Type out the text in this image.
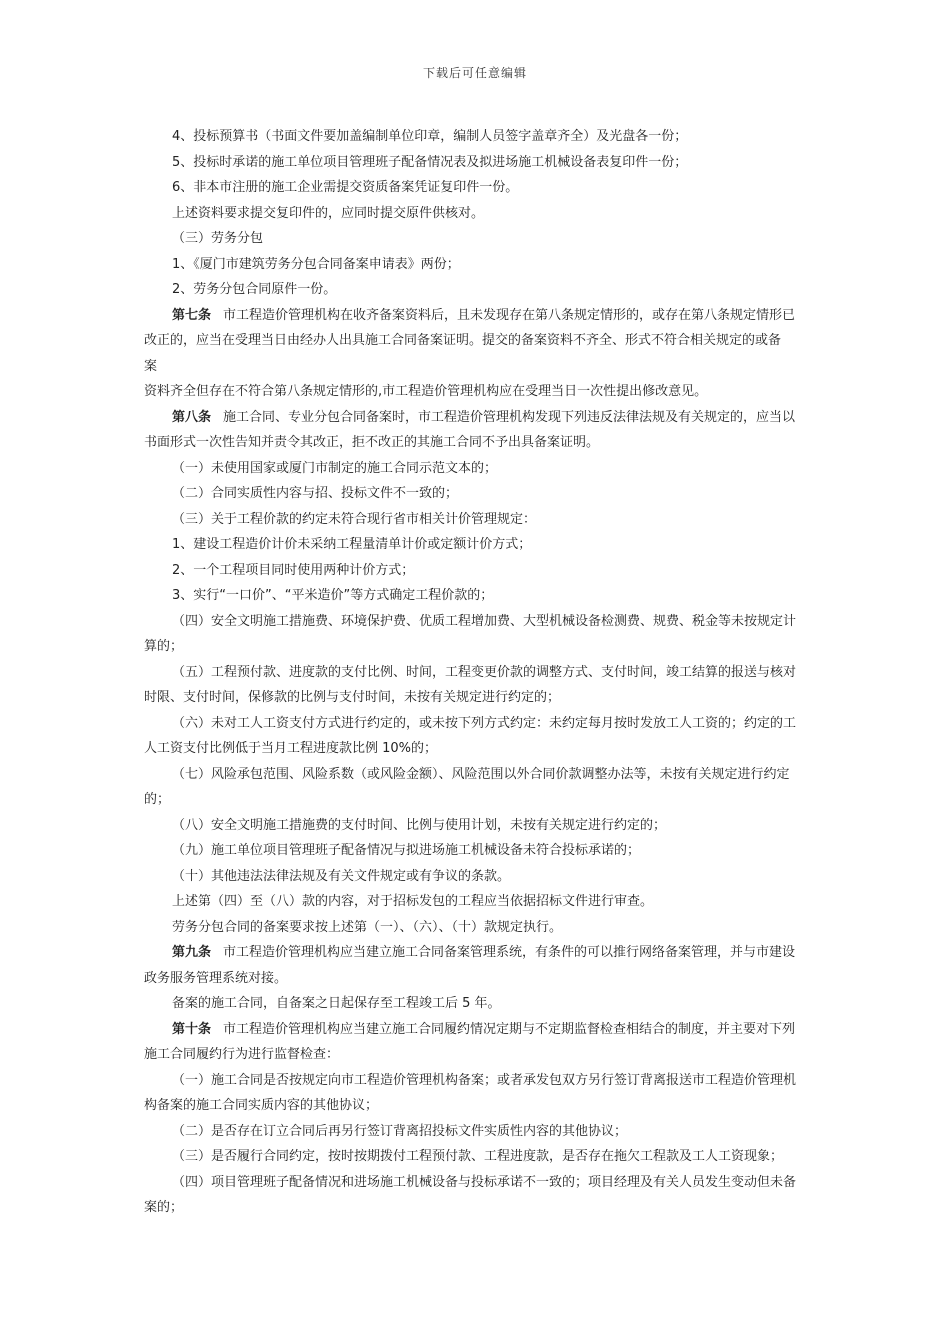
下载后可任意编辑
4、投标预算书（书面文件要加盖编制单位印章，编制人员签字盖章齐全）及光盘各一份；
5、投标时承诺的施工单位项目管理班子配备情况表及拟进场施工机械设备表复印件一份；
6、非本市注册的施工企业需提交资质备案凭证复印件一份。
上述资料要求提交复印件的，应同时提交原件供核对。
（三）劳务分包
1、《厦门市建筑劳务分包合同备案申请表》两份；
2、劳务分包合同原件一份。
第七条 市工程造价管理机构在收齐备案资料后，且未发现存在第八条规定情形的，或存在第八条规定情形已
改正的，应当在受理当日由经办人出具施工合同备案证明。提交的备案资料不齐全、形式不符合相关规定的或备案
资料齐全但存在不符合第八条规定情形的,市工程造价管理机构应在受理当日一次性提出修改意见。
第八条 施工合同、专业分包合同备案时，市工程造价管理机构发现下列违反法律法规及有关规定的，应当以
书面形式一次性告知并责令其改正，拒不改正的其施工合同不予出具备案证明。
（一）未使用国家或厦门市制定的施工合同示范文本的；
（二）合同实质性内容与招、投标文件不一致的；
（三）关于工程价款的约定未符合现行省市相关计价管理规定：
1、建设工程造价计价未采纳工程量清单计价或定额计价方式；
2、一个工程项目同时使用两种计价方式；
3、实行“一口价”、“平米造价”等方式确定工程价款的；
（四）安全文明施工措施费、环境保护费、优质工程增加费、大型机械设备检测费、规费、税金等未按规定计
算的；
（五）工程预付款、进度款的支付比例、时间，工程变更价款的调整方式、支付时间，竣工结算的报送与核对
时限、支付时间，保修款的比例与支付时间，未按有关规定进行约定的；
（六）未对工人工资支付方式进行约定的，或未按下列方式约定：未约定每月按时发放工人工资的；约定的工
人工资支付比例低于当月工程进度款比例 10%的；
（七）风险承包范围、风险系数（或风险金额）、风险范围以外合同价款调整办法等，未按有关规定进行约定
的；
（八）安全文明施工措施费的支付时间、比例与使用计划，未按有关规定进行约定的；
（九）施工单位项目管理班子配备情况与拟进场施工机械设备未符合投标承诺的；
（十）其他违法法律法规及有关文件规定或有争议的条款。
上述第（四）至（八）款的内容，对于招标发包的工程应当依据招标文件进行审查。
劳务分包合同的备案要求按上述第（一）、（六）、（十）款规定执行。
第九条 市工程造价管理机构应当建立施工合同备案管理系统，有条件的可以推行网络备案管理，并与市建设
政务服务管理系统对接。
备案的施工合同，自备案之日起保存至工程竣工后 5 年。
第十条 市工程造价管理机构应当建立施工合同履约情况定期与不定期监督检查相结合的制度，并主要对下列
施工合同履约行为进行监督检查：
（一）施工合同是否按规定向市工程造价管理机构备案；或者承发包双方另行签订背离报送市工程造价管理机
构备案的施工合同实质内容的其他协议；
（二）是否存在订立合同后再另行签订背离招投标文件实质性内容的其他协议；
（三）是否履行合同约定，按时按期拨付工程预付款、工程进度款，是否存在拖欠工程款及工人工资现象；
（四）项目管理班子配备情况和进场施工机械设备与投标承诺不一致的；项目经理及有关人员发生变动但未备
案的；
